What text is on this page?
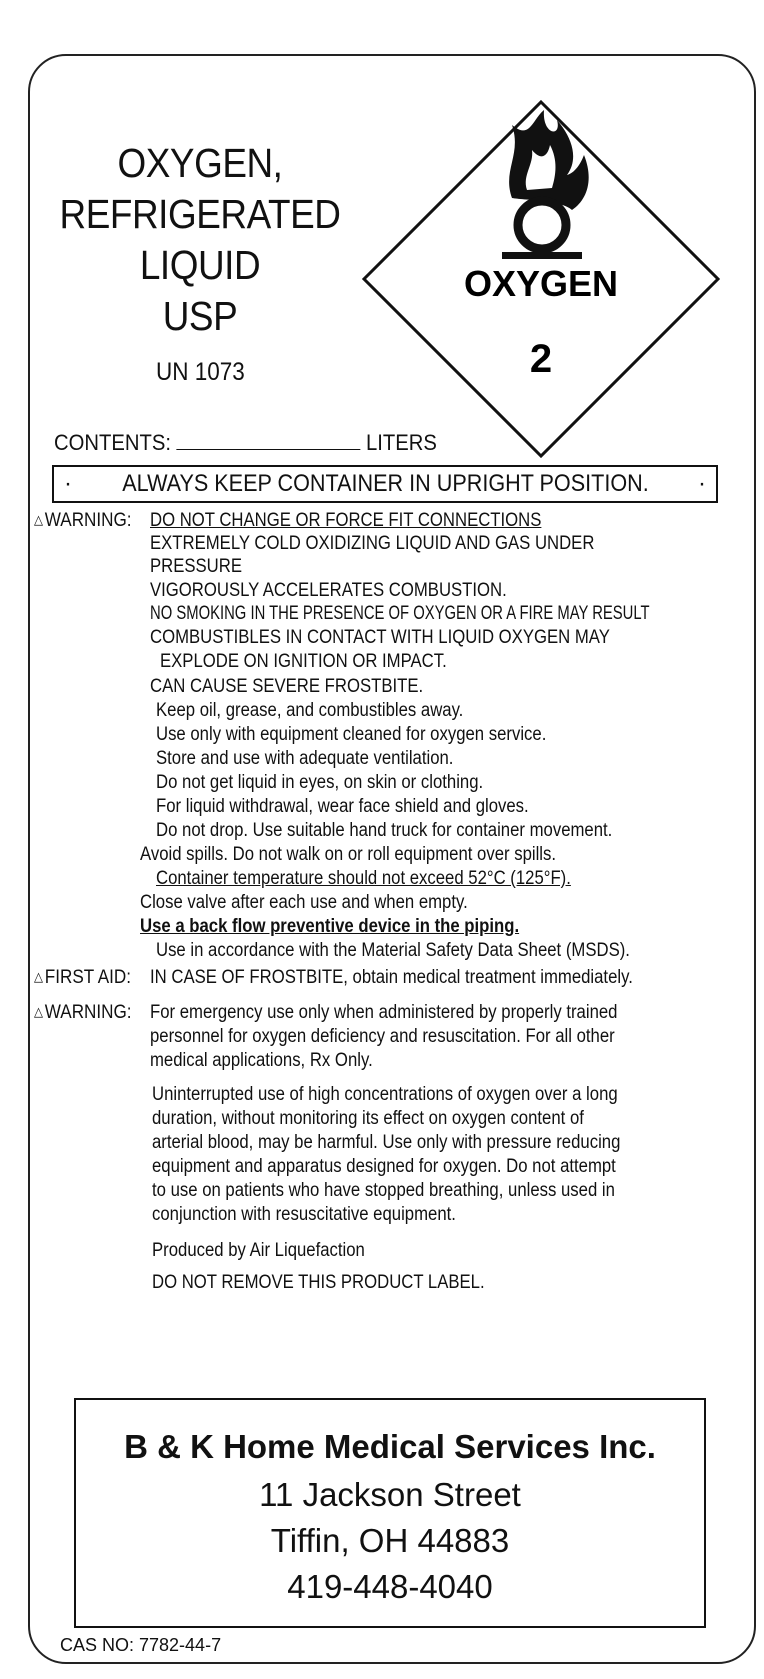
OXYGEN,
REFRIGERATED
LIQUID
USP
UN 1073
OXYGEN
2
CONTENTS:	LITERS
· ALWAYS KEEP CONTAINER IN UPRIGHT POSITION. ·
△WARNING: DO NOT CHANGE OR FORCE FIT CONNECTIONS
EXTREMELY COLD OXIDIZING LIQUID AND GAS UNDER
PRESSURE
VIGOROUSLY ACCELERATES COMBUSTION.
NO SMOKING IN THE PRESENCE OF OXYGEN OR A FIRE MAY RESULT
COMBUSTIBLES IN CONTACT WITH LIQUID OXYGEN MAY
EXPLODE ON IGNITION OR IMPACT.
CAN CAUSE SEVERE FROSTBITE.
Keep oil, grease, and combustibles away.
Use only with equipment cleaned for oxygen service.
Store and use with adequate ventilation.
Do not get liquid in eyes, on skin or clothing.
For liquid withdrawal, wear face shield and gloves.
Do not drop. Use suitable hand truck for container movement.
Avoid spills. Do not walk on or roll equipment over spills.
Container temperature should not exceed 52°C (125°F).
Close valve after each use and when empty.
Use a back flow preventive device in the piping.
Use in accordance with the Material Safety Data Sheet (MSDS).
△FIRST AID: IN CASE OF FROSTBITE, obtain medical treatment immediately.
△WARNING: For emergency use only when administered by properly trained
personnel for oxygen deficiency and resuscitation. For all other
medical applications, Rx Only.
Uninterrupted use of high concentrations of oxygen over a long
duration, without monitoring its effect on oxygen content of
arterial blood, may be harmful. Use only with pressure reducing
equipment and apparatus designed for oxygen. Do not attempt
to use on patients who have stopped breathing, unless used in
conjunction with resuscitative equipment.
Produced by Air Liquefaction
DO NOT REMOVE THIS PRODUCT LABEL.
B & K Home Medical Services Inc.
11 Jackson Street
Tiffin, OH 44883
419-448-4040
CAS NO: 7782-44-7
